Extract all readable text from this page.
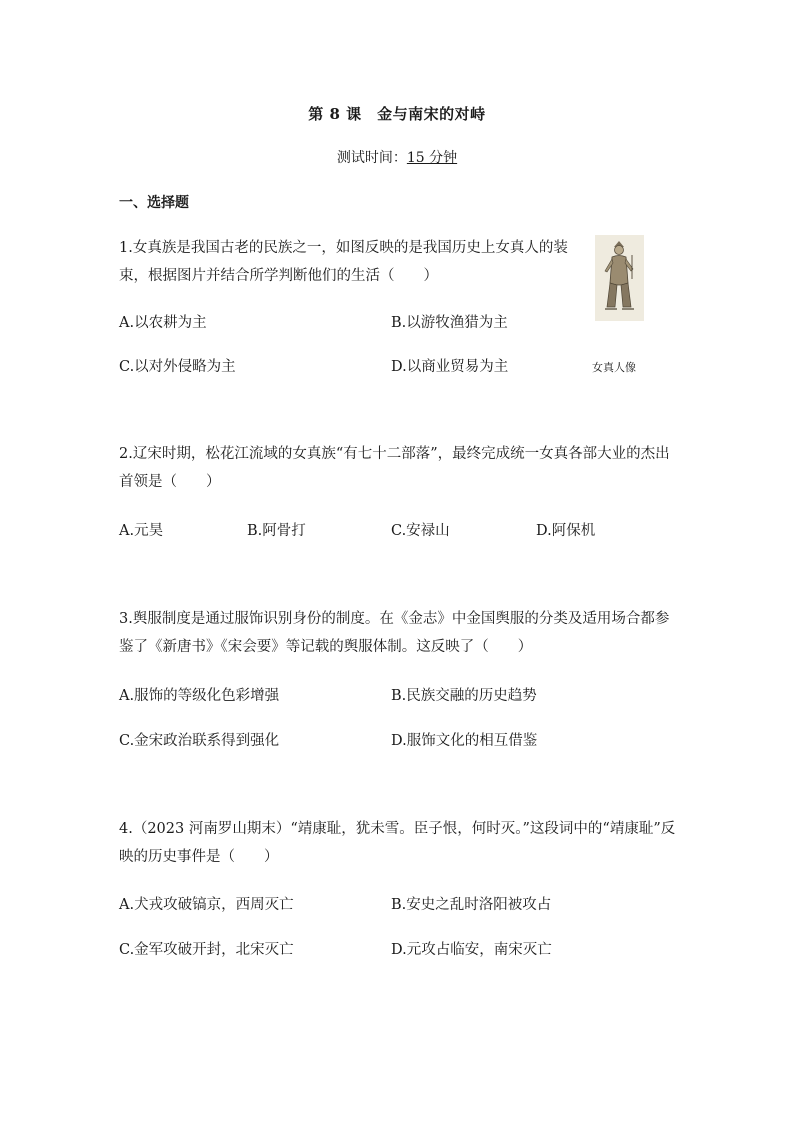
第 8 课　金与南宋的对峙
测试时间：15 分钟
一、选择题
1.女真族是我国古老的民族之一，如图反映的是我国历史上女真人的装束，根据图片并结合所学判断他们的生活（　　）
A.以农耕为主	B.以游牧渔猎为主
C.以对外侵略为主	D.以商业贸易为主	女真人像
2.辽宋时期，松花江流域的女真族“有七十二部落”，最终完成统一女真各部大业的杰出首领是（　　）
A.元昊	B.阿骨打	C.安禄山	D.阿保机
3.舆服制度是通过服饰识别身份的制度。在《金志》中金国舆服的分类及适用场合都参鉴了《新唐书》《宋会要》等记载的舆服体制。这反映了（　　）
A.服饰的等级化色彩增强	B.民族交融的历史趋势
C.金宋政治联系得到强化	D.服饰文化的相互借鉴
4.（2023 河南罗山期末）“靖康耻，犹未雪。臣子恨，何时灭。”这段词中的“靖康耻”反映的历史事件是（　　）
A.犬戎攻破镐京，西周灭亡	B.安史之乱时洛阳被攻占
C.金军攻破开封，北宋灭亡	D.元攻占临安，南宋灭亡
